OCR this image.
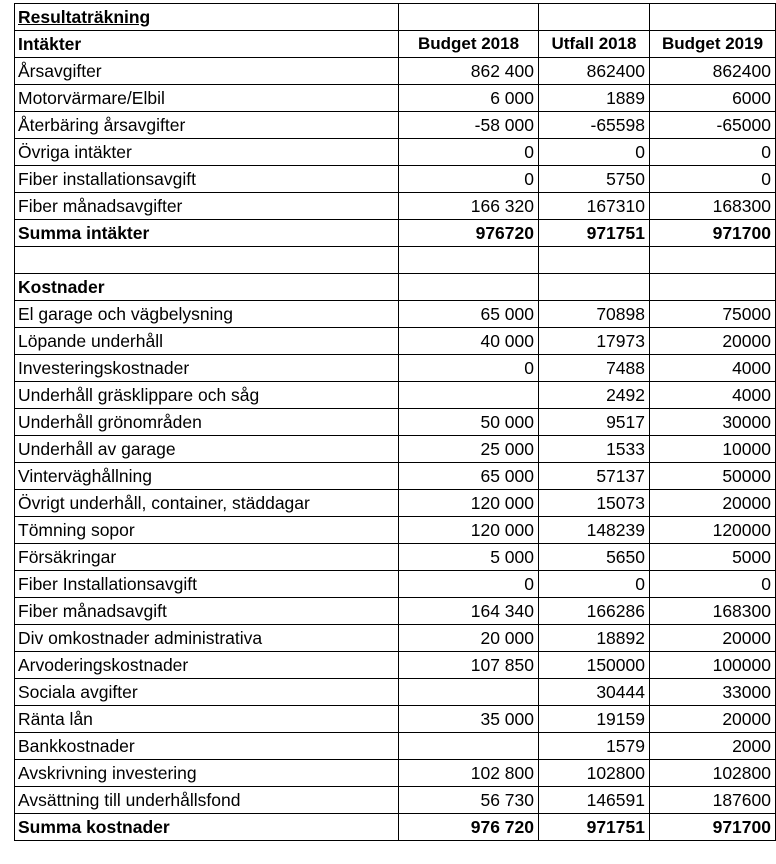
Resultaträkning			
Intäkter	Budget 2018	Utfall 2018	Budget 2019
Årsavgifter	862 400	862400	862400
Motorvärmare/Elbil	6 000	1889	6000
Återbäring årsavgifter	-58 000	-65598	-65000
Övriga intäkter	0	0	0
Fiber installationsavgift	0	5750	0
Fiber månadsavgifter	166 320	167310	168300
Summa intäkter	976720	971751	971700

Kostnader			
El garage och vägbelysning	65 000	70898	75000
Löpande underhåll	40 000	17973	20000
Investeringskostnader	0	7488	4000
Underhåll gräsklippare och såg		2492	4000
Underhåll grönområden	50 000	9517	30000
Underhåll av garage	25 000	1533	10000
Vinterväghållning	65 000	57137	50000
Övrigt underhåll, container, städdagar	120 000	15073	20000
Tömning sopor	120 000	148239	120000
Försäkringar	5 000	5650	5000
Fiber Installationsavgift	0	0	0
Fiber månadsavgift	164 340	166286	168300
Div omkostnader administrativa	20 000	18892	20000
Arvoderingskostnader	107 850	150000	100000
Sociala avgifter		30444	33000
Ränta lån	35 000	19159	20000
Bankkostnader		1579	2000
Avskrivning investering	102 800	102800	102800
Avsättning till underhållsfond	56 730	146591	187600
Summa kostnader	976 720	971751	971700
